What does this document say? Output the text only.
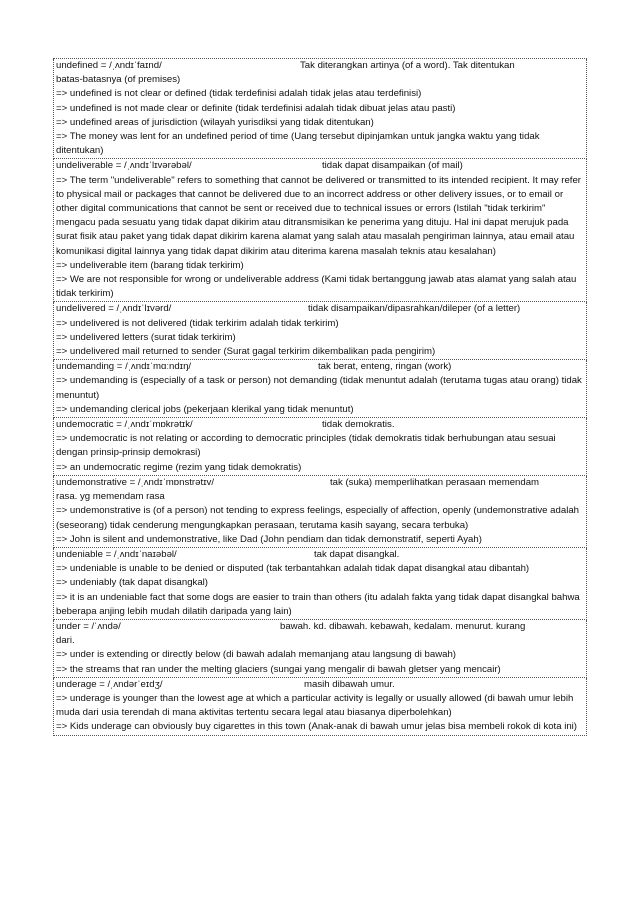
undefined = /ˌʌndɪˈfaɪnd/	Tak diterangkan artinya (of a word). Tak ditentukan
batas-batasnya (of premises)
=> undefined is not clear or defined (tidak terdefinisi adalah tidak jelas atau terdefinisi)
=> undefined is not made clear or definite (tidak terdefinisi adalah tidak dibuat jelas atau pasti)
=> undefined areas of jurisdiction (wilayah yurisdiksi yang tidak ditentukan)
=> The money was lent for an undefined period of time (Uang tersebut dipinjamkan untuk jangka waktu yang tidak ditentukan)
undeliverable = /ˌʌndɪˈlɪvərəbəl/	tidak dapat disampaikan (of mail)
=> The term "undeliverable" refers to something that cannot be delivered or transmitted to its intended recipient. It may refer to physical mail or packages that cannot be delivered due to an incorrect address or other delivery issues, or to email or other digital communications that cannot be sent or received due to technical issues or errors (Istilah "tidak terkirim" mengacu pada sesuatu yang tidak dapat dikirim atau ditransmisikan ke penerima yang dituju. Hal ini dapat merujuk pada surat fisik atau paket yang tidak dapat dikirim karena alamat yang salah atau masalah pengiriman lainnya, atau email atau komunikasi digital lainnya yang tidak dapat dikirim atau diterima karena masalah teknis atau kesalahan)
=> undeliverable item (barang tidak terkirim)
=> We are not responsible for wrong or undeliverable address (Kami tidak bertanggung jawab atas alamat yang salah atau tidak terkirim)
undelivered = /ˌʌndɪˈlɪvərd/	tidak disampaikan/dipasrahkan/dileper (of a letter)
=> undelivered is not delivered (tidak terkirim adalah tidak terkirim)
=> undelivered letters (surat tidak terkirim)
=> undelivered mail returned to sender (Surat gagal terkirim dikembalikan pada pengirim)
undemanding = /ˌʌndɪˈmɑːndɪŋ/	tak berat, enteng, ringan (work)
=> undemanding is (especially of a task or person) not demanding (tidak menuntut adalah (terutama tugas atau orang) tidak menuntut)
=> undemanding clerical jobs (pekerjaan klerikal yang tidak menuntut)
undemocratic = /ˌʌndɪˈmɒkrətɪk/	tidak demokratis.
=> undemocratic is not relating or according to democratic principles (tidak demokratis tidak berhubungan atau sesuai dengan prinsip-prinsip demokrasi)
=> an undemocratic regime (rezim yang tidak demokratis)
undemonstrative = /ˌʌndɪˈmɒnstrətɪv/	tak (suka) memperlihatkan perasaan memendam
rasa. yg memendam rasa
=> undemonstrative is (of a person) not tending to express feelings, especially of affection, openly (undemonstrative adalah (seseorang) tidak cenderung mengungkapkan perasaan, terutama kasih sayang, secara terbuka)
=> John is silent and undemonstrative, like Dad (John pendiam dan tidak demonstratif, seperti Ayah)
undeniable = /ˌʌndɪˈnaɪəbəl/	tak dapat disangkal.
=> undeniable is unable to be denied or disputed (tak terbantahkan adalah tidak dapat disangkal atau dibantah)
=> undeniably (tak dapat disangkal)
=> it is an undeniable fact that some dogs are easier to train than others (itu adalah fakta yang tidak dapat disangkal bahwa beberapa anjing lebih mudah dilatih daripada yang lain)
under = /ˈʌndə/	bawah. kd. dibawah. kebawah, kedalam. menurut. kurang
dari.
=> under is extending or directly below (di bawah adalah memanjang atau langsung di bawah)
=> the streams that ran under the melting glaciers (sungai yang mengalir di bawah gletser yang mencair)
underage = /ˌʌndərˈeɪdʒ/	masih dibawah umur.
=> underage is younger than the lowest age at which a particular activity is legally or usually allowed (di bawah umur lebih muda dari usia terendah di mana aktivitas tertentu secara legal atau biasanya diperbolehkan)
=> Kids underage can obviously buy cigarettes in this town (Anak-anak di bawah umur jelas bisa membeli rokok di kota ini)
